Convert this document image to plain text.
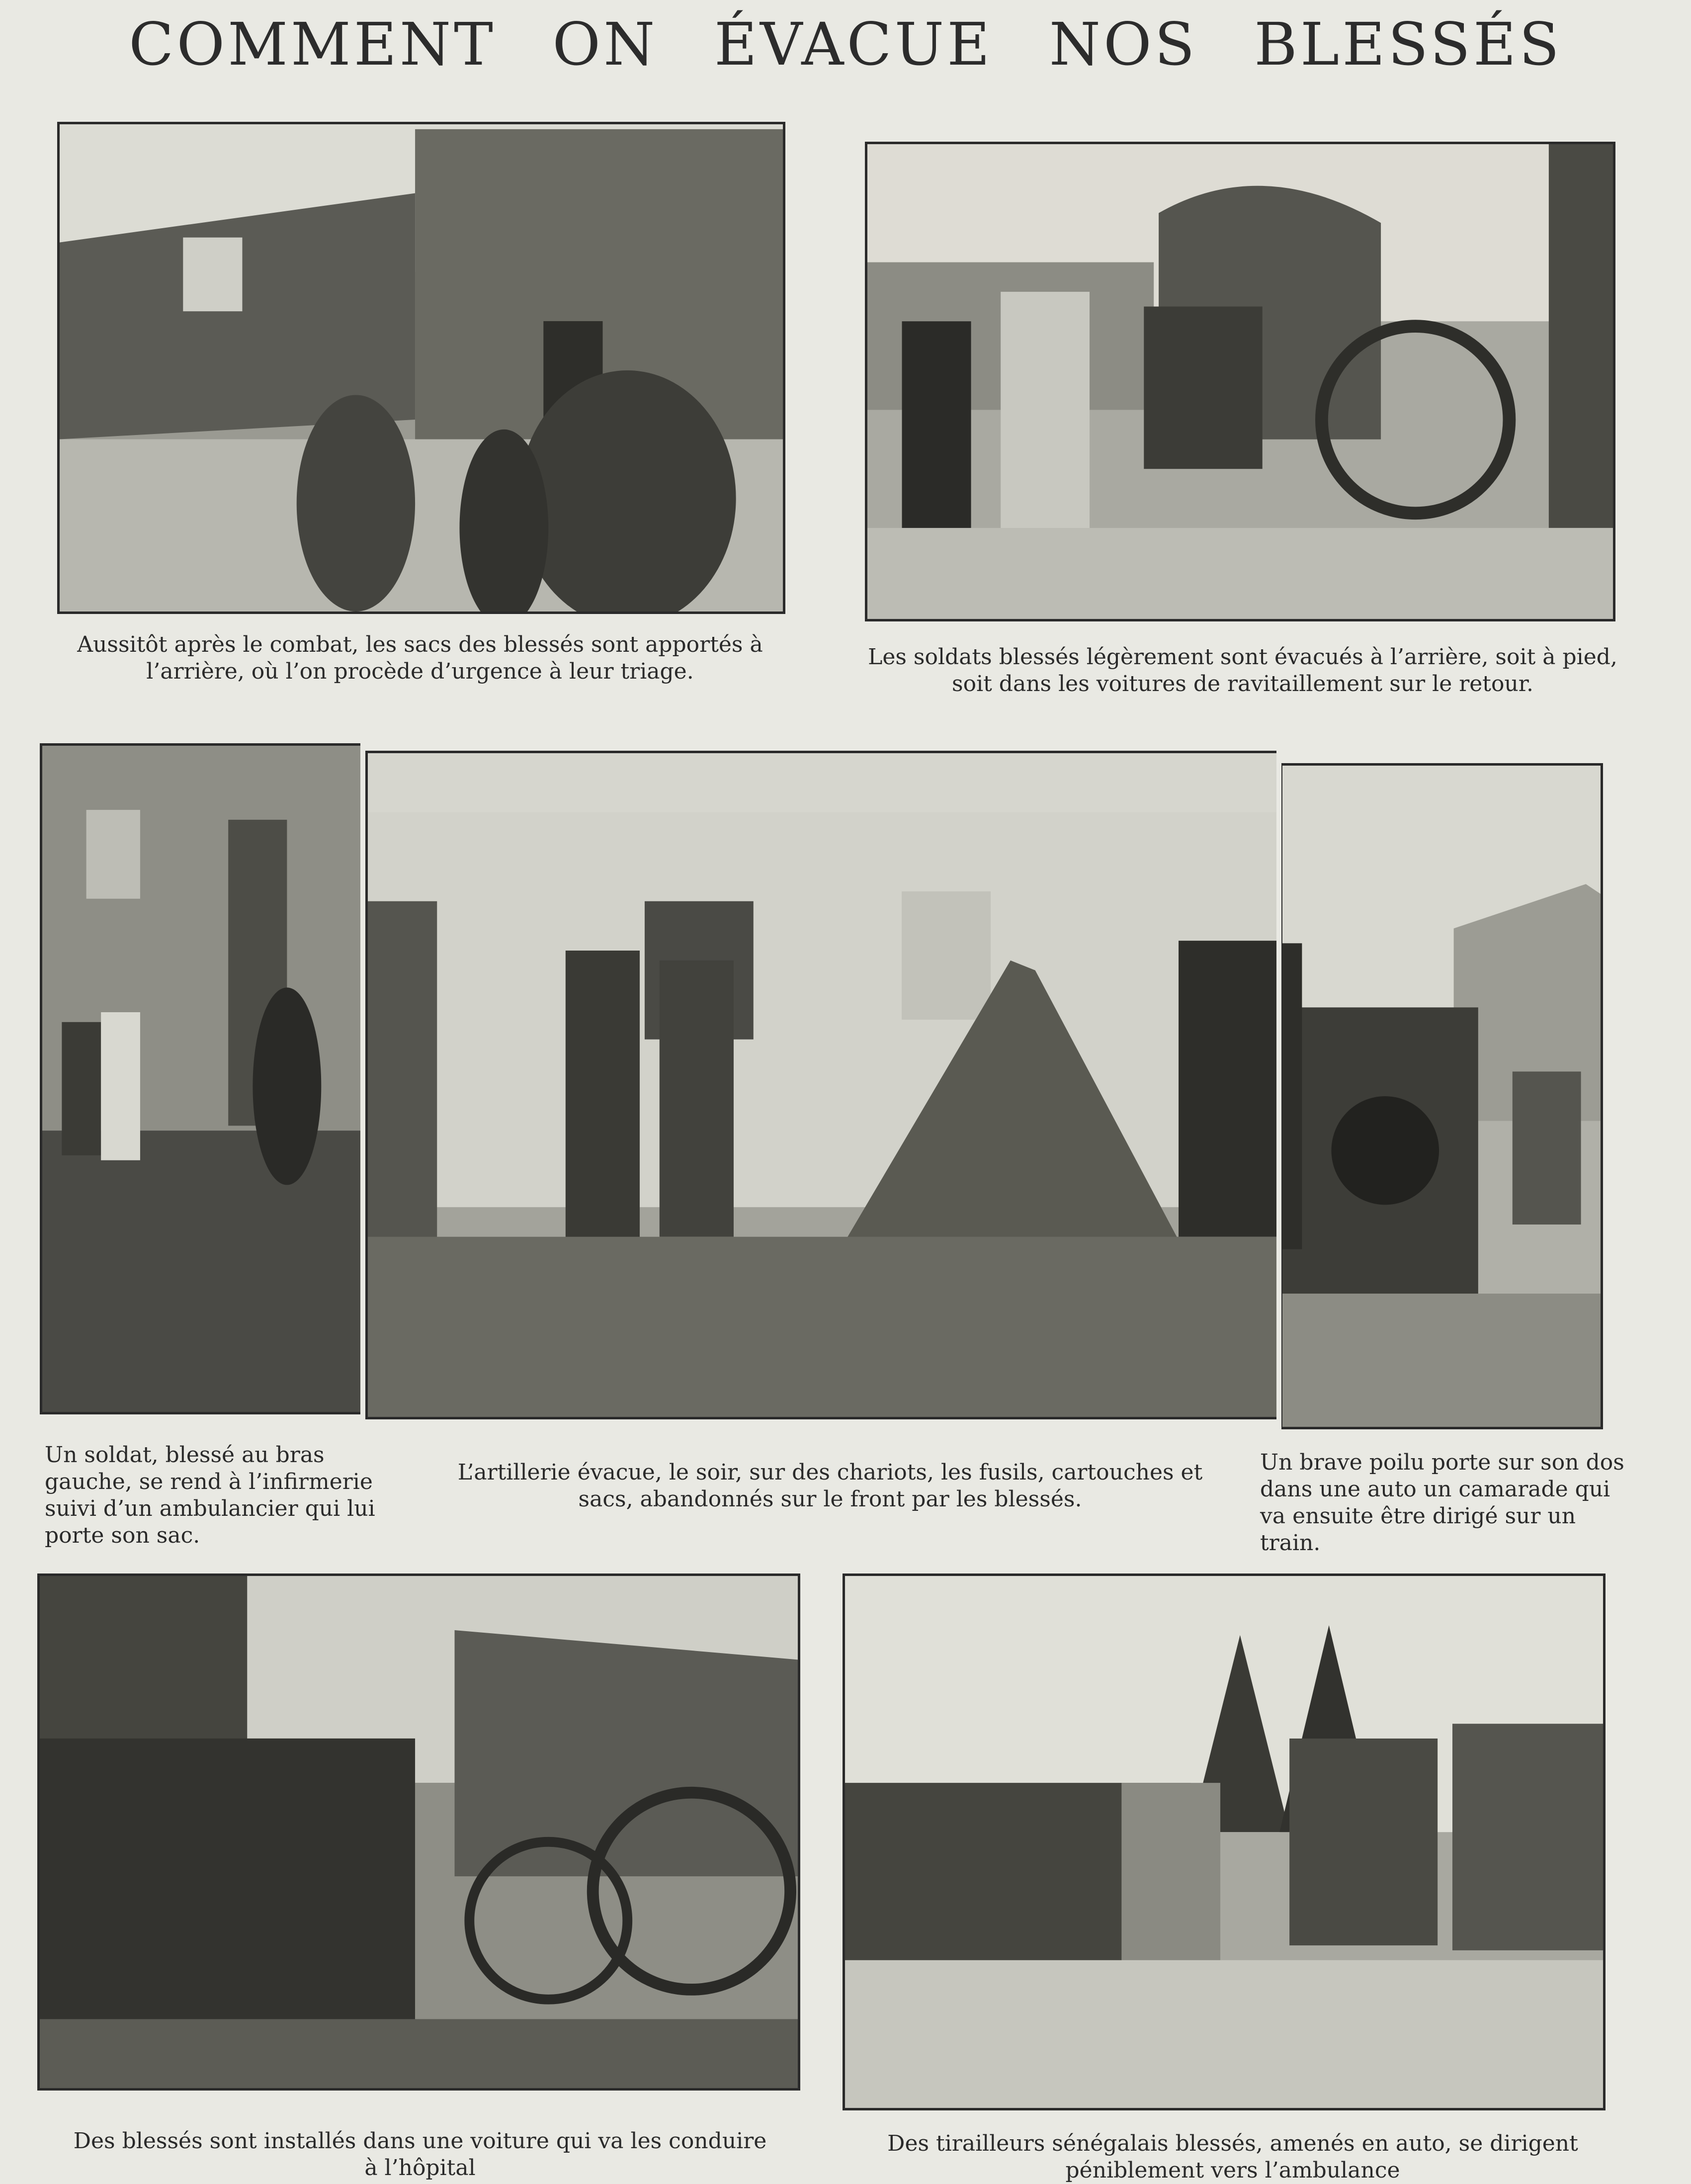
COMMENT ON ÉVACUE NOS BLESSÉS
Aussitôt après le combat, les sacs des blessés sont apportés à l’arrière, où l’on procède d’urgence à leur triage.
Les soldats blessés légèrement sont évacués à l’arrière, soit à pied, soit dans les voitures de ravitaillement sur le retour.
Un soldat, blessé au bras gauche, se rend à l’infirmerie suivi d’un ambulancier qui lui porte son sac.
L’artillerie évacue, le soir, sur des chariots, les fusils, cartouches et sacs, abandonnés sur le front par les blessés.
Un brave poilu porte sur son dos dans une auto un camarade qui va ensuite être dirigé sur un train.
Des blessés sont installés dans une voiture qui va les conduire à l’hôpital
Des tirailleurs sénégalais blessés, amenés en auto, se dirigent péniblement vers l’ambulance
